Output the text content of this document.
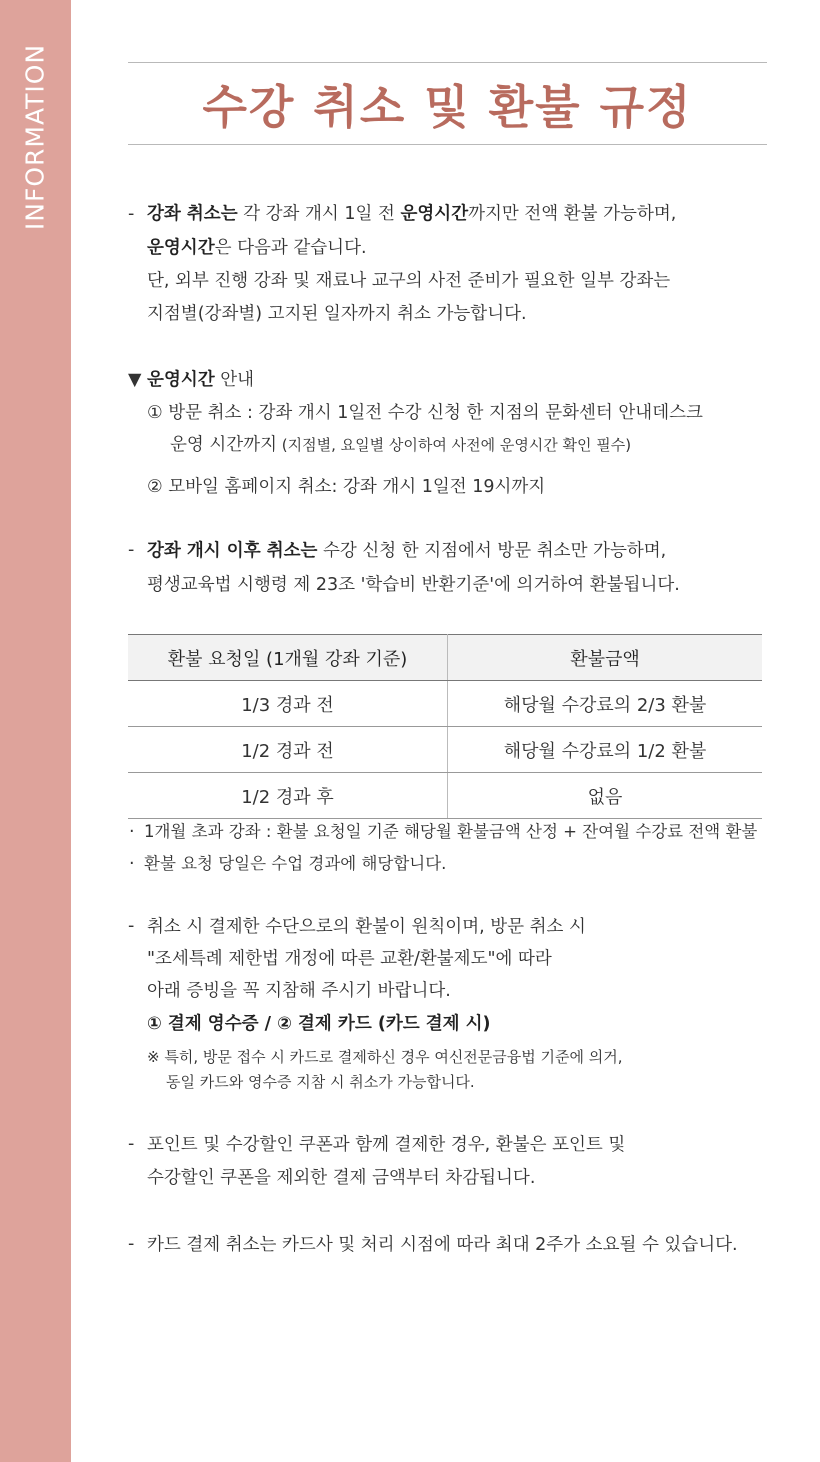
INFORMATION	수강 취소 및 환불 규정
- 강좌 취소는 각 강좌 개시 1일 전 운영시간까지만 전액 환불 가능하며,
운영시간은 다음과 같습니다.
단, 외부 진행 강좌 및 재료나 교구의 사전 준비가 필요한 일부 강좌는
지점별(강좌별) 고지된 일자까지 취소 가능합니다.
▼ 운영시간 안내
① 방문 취소 : 강좌 개시 1일전 수강 신청 한 지점의 문화센터 안내데스크
운영 시간까지 (지점별, 요일별 상이하여 사전에 운영시간 확인 필수)
② 모바일 홈페이지 취소: 강좌 개시 1일전 19시까지
- 강좌 개시 이후 취소는 수강 신청 한 지점에서 방문 취소만 가능하며,
평생교육법 시행령 제 23조 '학습비 반환기준'에 의거하여 환불됩니다.
환불 요청일 (1개월 강좌 기준)	환불금액
1/3 경과 전	해당월 수강료의 2/3 환불
1/2 경과 전	해당월 수강료의 1/2 환불
1/2 경과 후	없음
· 1개월 초과 강좌 : 환불 요청일 기준 해당월 환불금액 산정 + 잔여월 수강료 전액 환불
· 환불 요청 당일은 수업 경과에 해당합니다.
- 취소 시 결제한 수단으로의 환불이 원칙이며, 방문 취소 시
"조세특례 제한법 개정에 따른 교환/환불제도"에 따라
아래 증빙을 꼭 지참해 주시기 바랍니다.
① 결제 영수증 / ② 결제 카드 (카드 결제 시)
※ 특히, 방문 접수 시 카드로 결제하신 경우 여신전문금융법 기준에 의거,
동일 카드와 영수증 지참 시 취소가 가능합니다.
- 포인트 및 수강할인 쿠폰과 함께 결제한 경우, 환불은 포인트 및
수강할인 쿠폰을 제외한 결제 금액부터 차감됩니다.
- 카드 결제 취소는 카드사 및 처리 시점에 따라 최대 2주가 소요될 수 있습니다.
